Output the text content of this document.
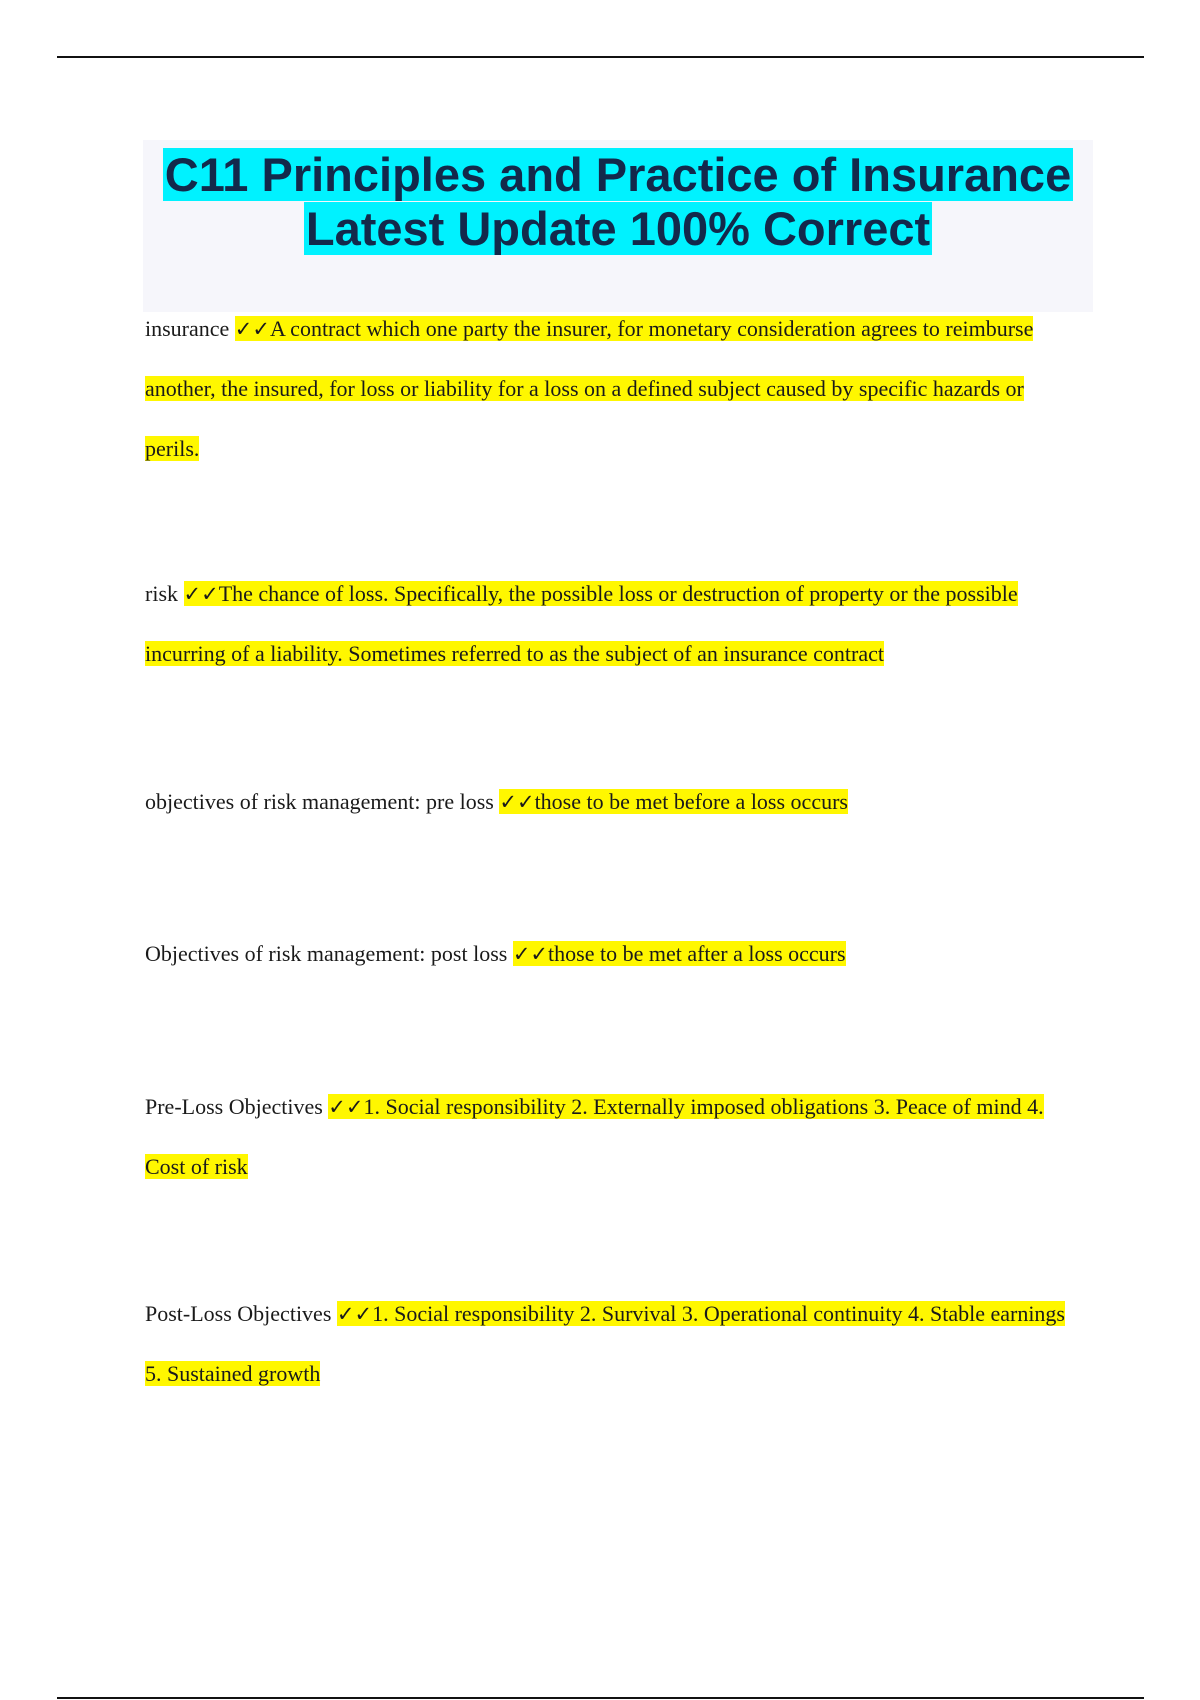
C11 Principles and Practice of Insurance Latest Update 100% Correct
insurance ✓✓A contract which one party the insurer, for monetary consideration agrees to reimburse another, the insured, for loss or liability for a loss on a defined subject caused by specific hazards or perils.
risk ✓✓The chance of loss. Specifically, the possible loss or destruction of property or the possible incurring of a liability. Sometimes referred to as the subject of an insurance contract
objectives of risk management: pre loss ✓✓those to be met before a loss occurs
Objectives of risk management: post loss ✓✓those to be met after a loss occurs
Pre-Loss Objectives ✓✓1. Social responsibility 2. Externally imposed obligations 3. Peace of mind 4. Cost of risk
Post-Loss Objectives ✓✓1. Social responsibility 2. Survival 3. Operational continuity 4. Stable earnings 5. Sustained growth
